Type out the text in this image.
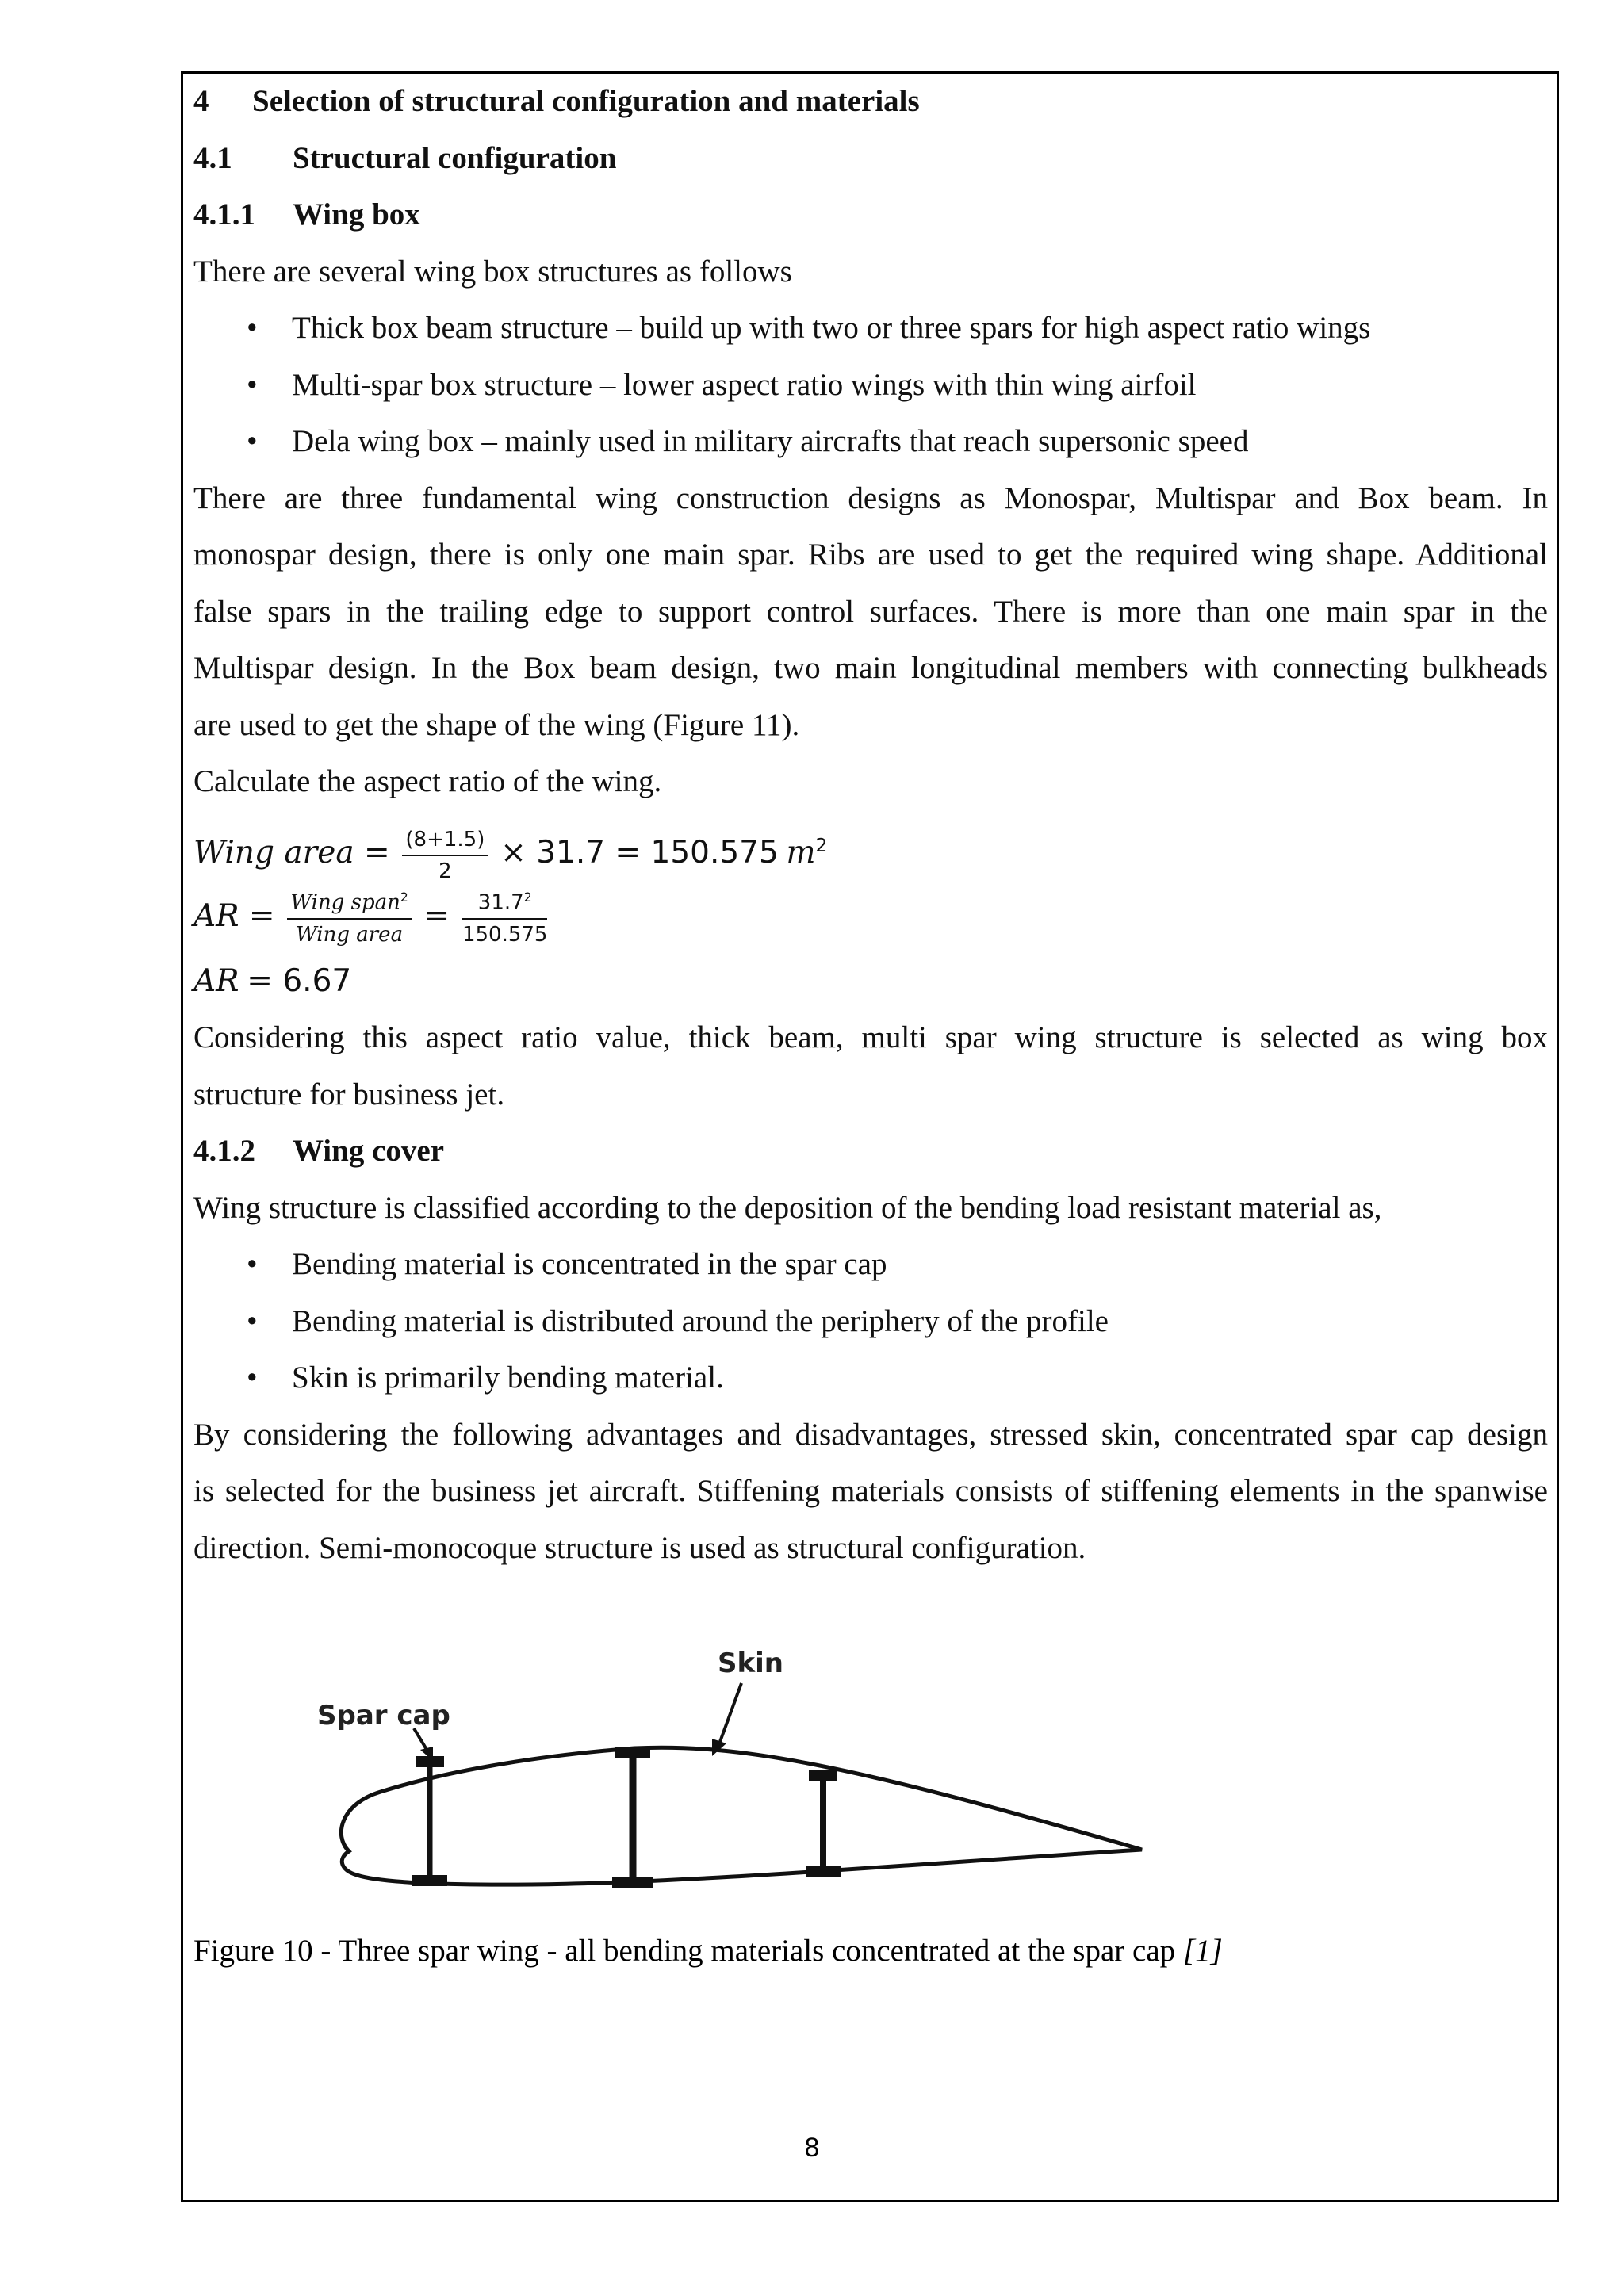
4 Selection of structural configuration and materials
4.1 Structural configuration
4.1.1 Wing box
There are several wing box structures as follows
•	Thick box beam structure – build up with two or three spars for high aspect ratio wings
•	Multi-spar box structure – lower aspect ratio wings with thin wing airfoil
•	Dela wing box – mainly used in military aircrafts that reach supersonic speed
There are three fundamental wing construction designs as Monospar, Multispar and Box beam. In
monospar design, there is only one main spar. Ribs are used to get the required wing shape. Additional
false spars in the trailing edge to support control surfaces. There is more than one main spar in the
Multispar design. In the Box beam design, two main longitudinal members with connecting bulkheads
are used to get the shape of the wing (Figure 11).
Calculate the aspect ratio of the wing.
Wing area = $\frac{(8+1.5)}{2} \times 31.7 = 150.575$ $m^2$
AR = $\frac{Wing span^2}{\text{Wing area}} = \frac{31.7^2}{150.575}$
AR = 6.67
Considering this aspect ratio value, thick beam, multi spar wing structure is selected as wing box
structure for business jet.
4.1.2 Wing cover
Wing structure is classified according to the deposition of the bending load resistant material as,
•	Bending material is concentrated in the spar cap
•	Bending material is distributed around the periphery of the profile
•	Skin is primarily bending material.
By considering the following advantages and disadvantages, stressed skin, concentrated spar cap design
is selected for the business jet aircraft. Stiffening materials consists of stiffening elements in the spanwise
direction. Semi-monocoque structure is used as structural configuration.
Skin
Spar cap
Figure 10 - Three spar wing - all bending materials concentrated at the spar cap [1]
8
